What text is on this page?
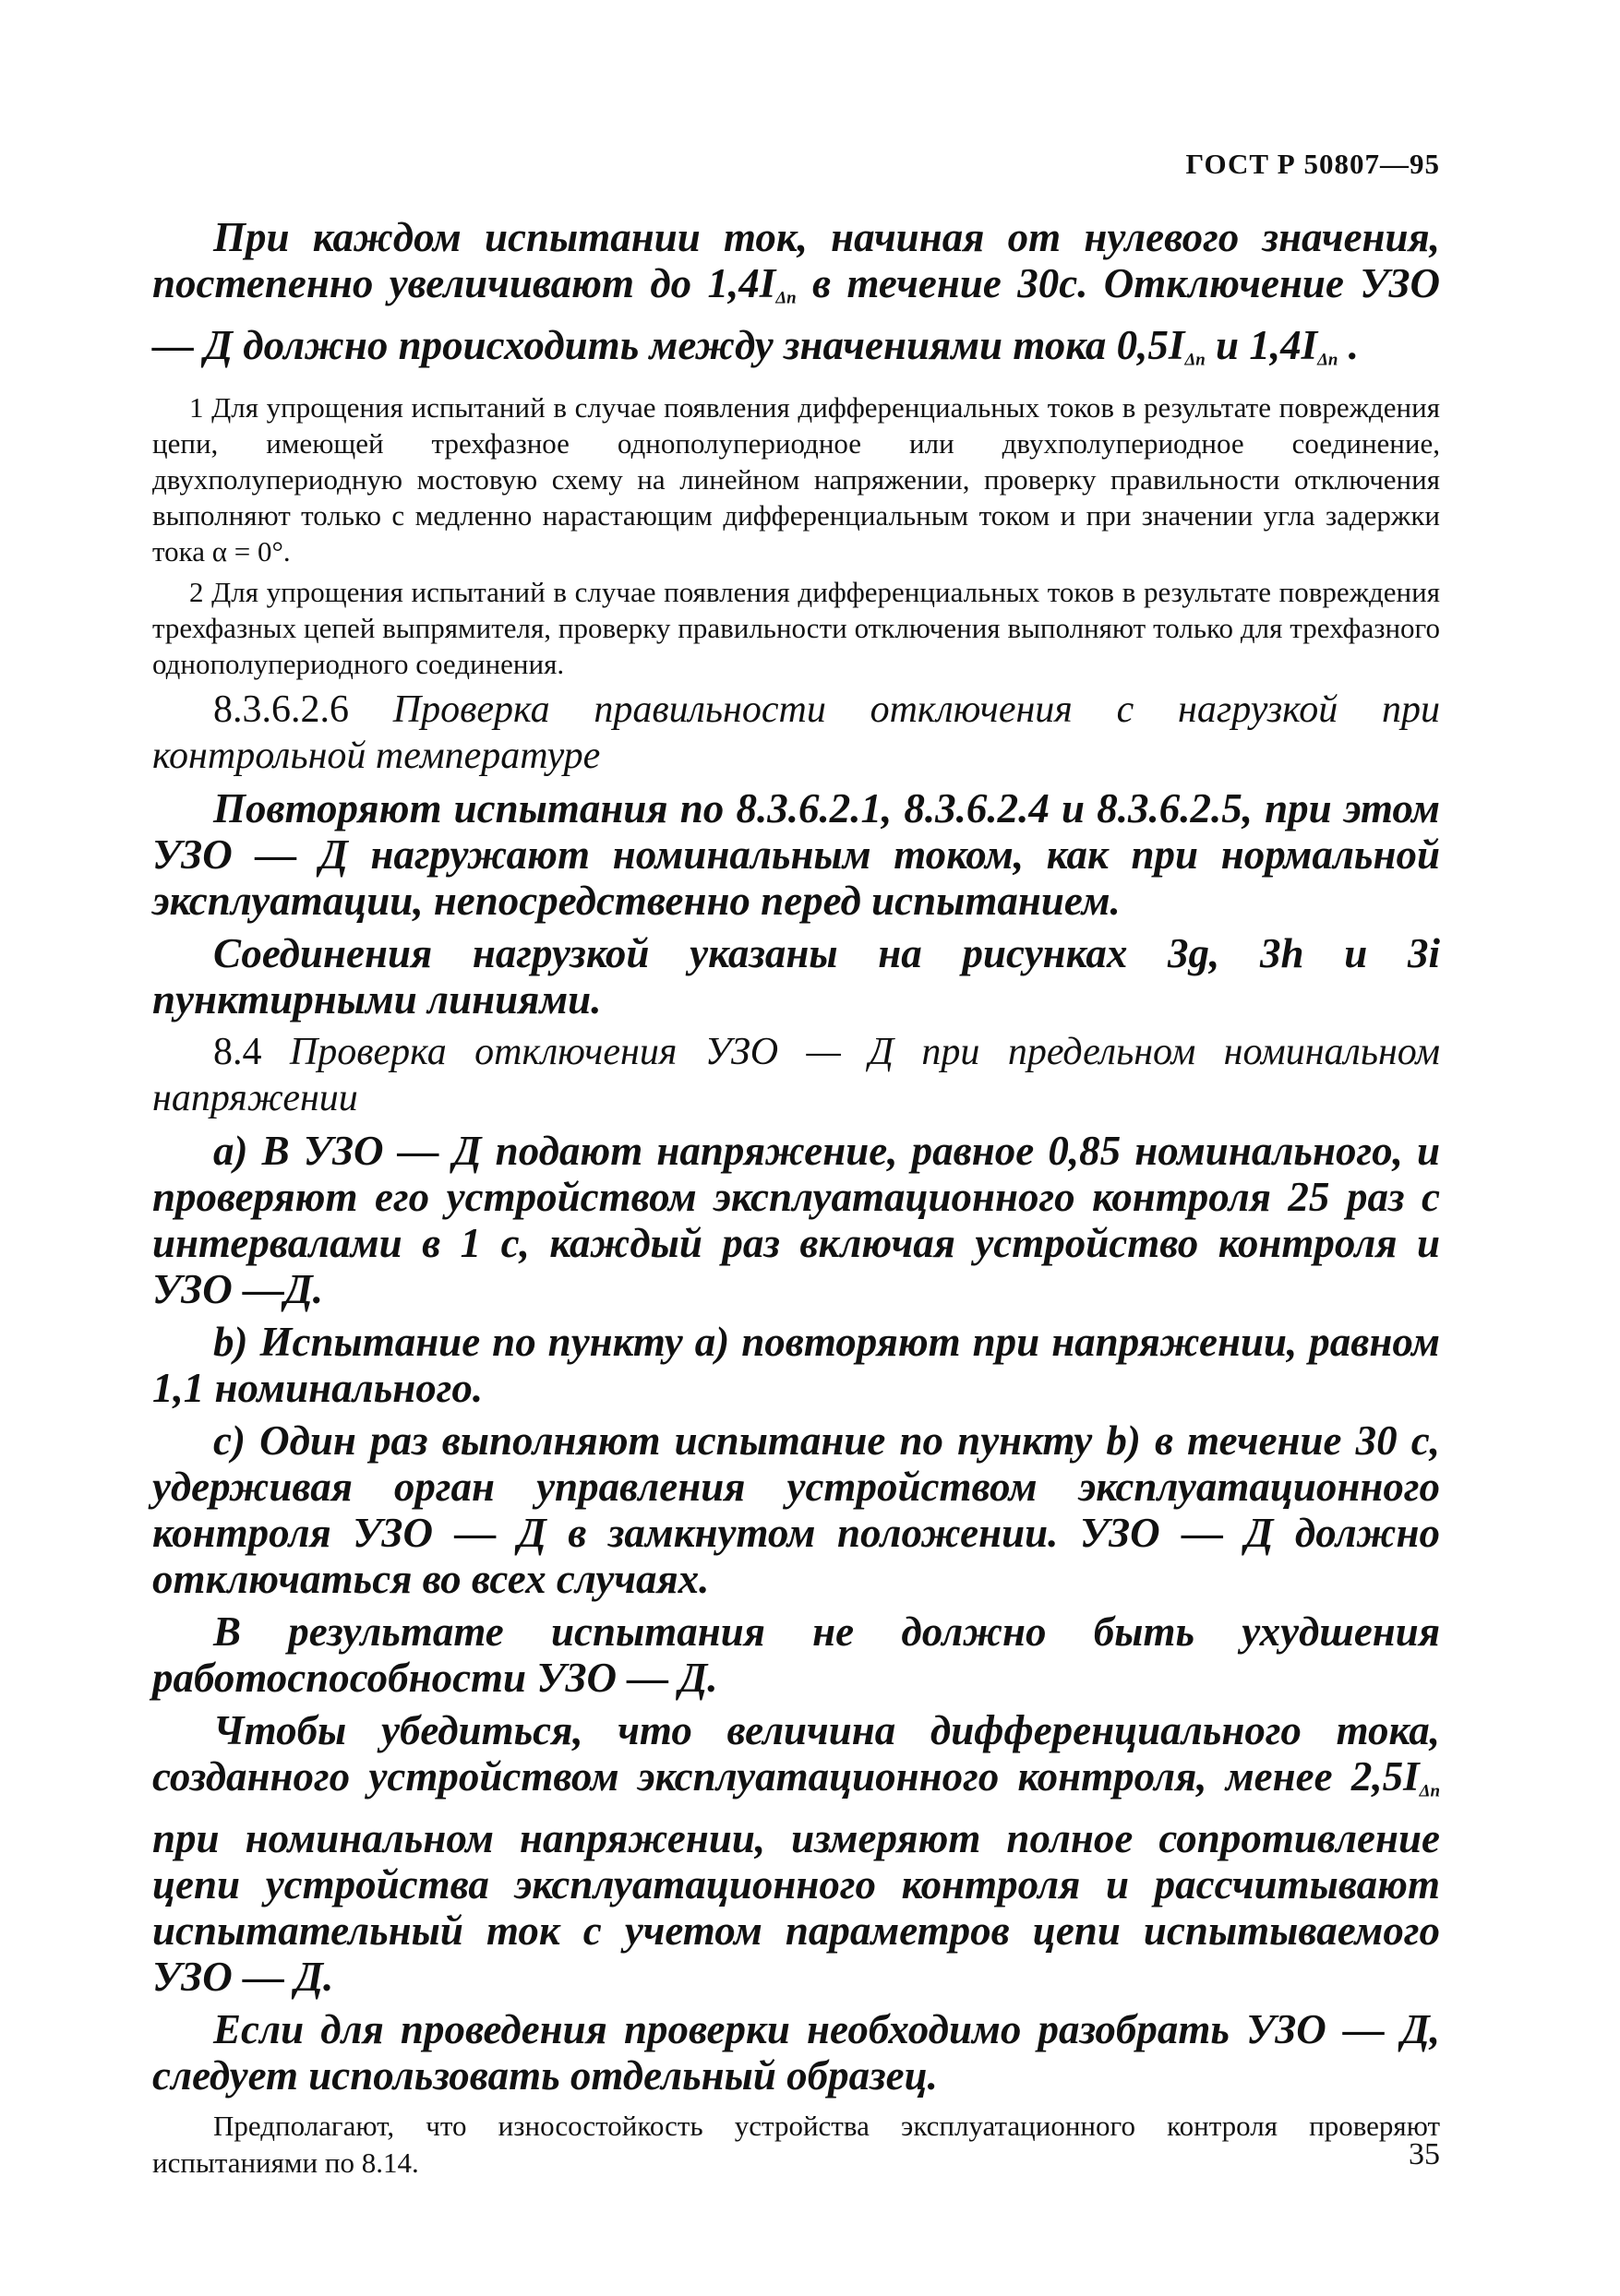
ГОСТ Р 50807—95

При каждом испытании ток, начиная от нулевого значения, постепенно увеличивают до $1,4I_{\Delta n}$ в течение 30с. Отключение УЗО — Д должно происходить между значениями тока $0,5I_{\Delta n}$ и $1,4I_{\Delta n}$ .

1 Для упрощения испытаний в случае появления дифференциальных токов в результате повреждения цепи, имеющей трехфазное однополупериодное или двухполупериодное соединение, двухполупериодную мостовую схему на линейном напряжении, проверку правильности отключения выполняют только с медленно нарастающим дифференциальным током и при значении угла задержки тока α = 0°.

2 Для упрощения испытаний в случае появления дифференциальных токов в результате повреждения трехфазных цепей выпрямителя, проверку правильности отключения выполняют только для трехфазного однополупериодного соединения.

8.3.6.2.6 Проверка правильности отключения с нагрузкой при контрольной температуре

Повторяют испытания по 8.3.6.2.1, 8.3.6.2.4 и 8.3.6.2.5, при этом УЗО — Д нагружают номинальным током, как при нормальной эксплуатации, непосредственно перед испытанием.

Соединения нагрузкой указаны на рисунках 3g, 3h и 3i пунктирными линиями.

8.4 Проверка отключения УЗО — Д при предельном номинальном напряжении

а) В УЗО — Д подают напряжение, равное 0,85 номинального, и проверяют его устройством эксплуатационного контроля 25 раз с интервалами в 1 с, каждый раз включая устройство контроля и УЗО —Д.

b) Испытание по пункту а) повторяют при напряжении, равном 1,1 номинального.

с) Один раз выполняют испытание по пункту b) в течение 30 с, удерживая орган управления устройством эксплуатационного контроля УЗО — Д в замкнутом положении. УЗО — Д должно отключаться во всех случаях.

В результате испытания не должно быть ухудшения работоспособности УЗО — Д.

Чтобы убедиться, что величина дифференциального тока, созданного устройством эксплуатационного контроля, менее $2,5I_{\Delta n}$ при номинальном напряжении, измеряют полное сопротивление цепи устройства эксплуатационного контроля и рассчитывают испытательный ток с учетом параметров цепи испытываемого УЗО — Д.

Если для проведения проверки необходимо разобрать УЗО — Д, следует использовать отдельный образец.

Предполагают, что износостойкость устройства эксплуатационного контроля проверяют испытаниями по 8.14.	35
